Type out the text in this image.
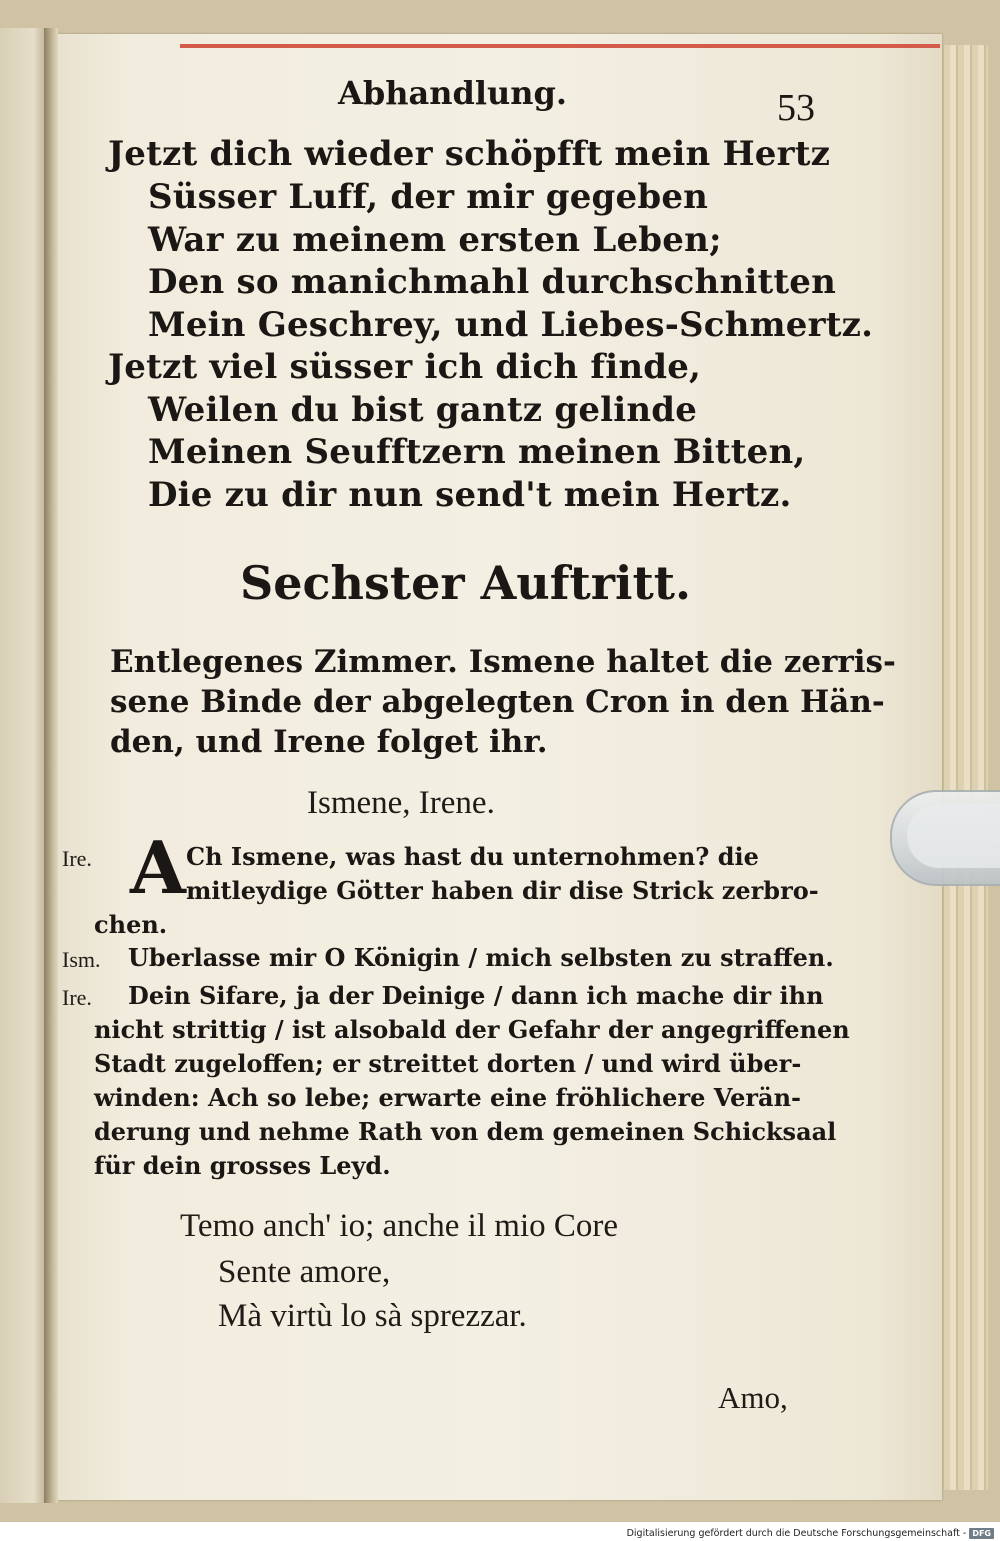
Abhandlung.	53
Jetzt dich wieder schöpfft mein Hertz
Süsser Luff, der mir gegeben
War zu meinem ersten Leben;
Den so manichmahl durchschnitten
Mein Geschrey, und Liebes-Schmertz.
Jetzt viel süsser ich dich finde,
Weilen du bist gantz gelinde
Meinen Seufftzern meinen Bitten,
Die zu dir nun send't mein Hertz.
Sechster Auftritt.
Entlegenes Zimmer. Ismene haltet die zerris-
sene Binde der abgelegten Cron in den Hän-
den, und Irene folget ihr.
Ismene, Irene.
Ire. A Ch Ismene, was hast du unternohmen? die
mitleydige Götter haben dir dise Strick zerbro-
chen.
Ism. Uberlasse mir O Königin / mich selbsten zu straffen.
Ire. Dein Sifare, ja der Deinige / dann ich mache dir ihn
nicht strittig / ist alsobald der Gefahr der angegriffenen
Stadt zugeloffen; er streittet dorten / und wird über-
winden: Ach so lebe; erwarte eine fröhlichere Verän-
derung und nehme Rath von dem gemeinen Schicksaal
für dein grosses Leyd.
Temo anch' io; anche il mio Core
Sente amore,
Mà virtù lo sà sprezzar.
Amo,
Digitalisierung gefördert durch die Deutsche Forschungsgemeinschaft - DFG
